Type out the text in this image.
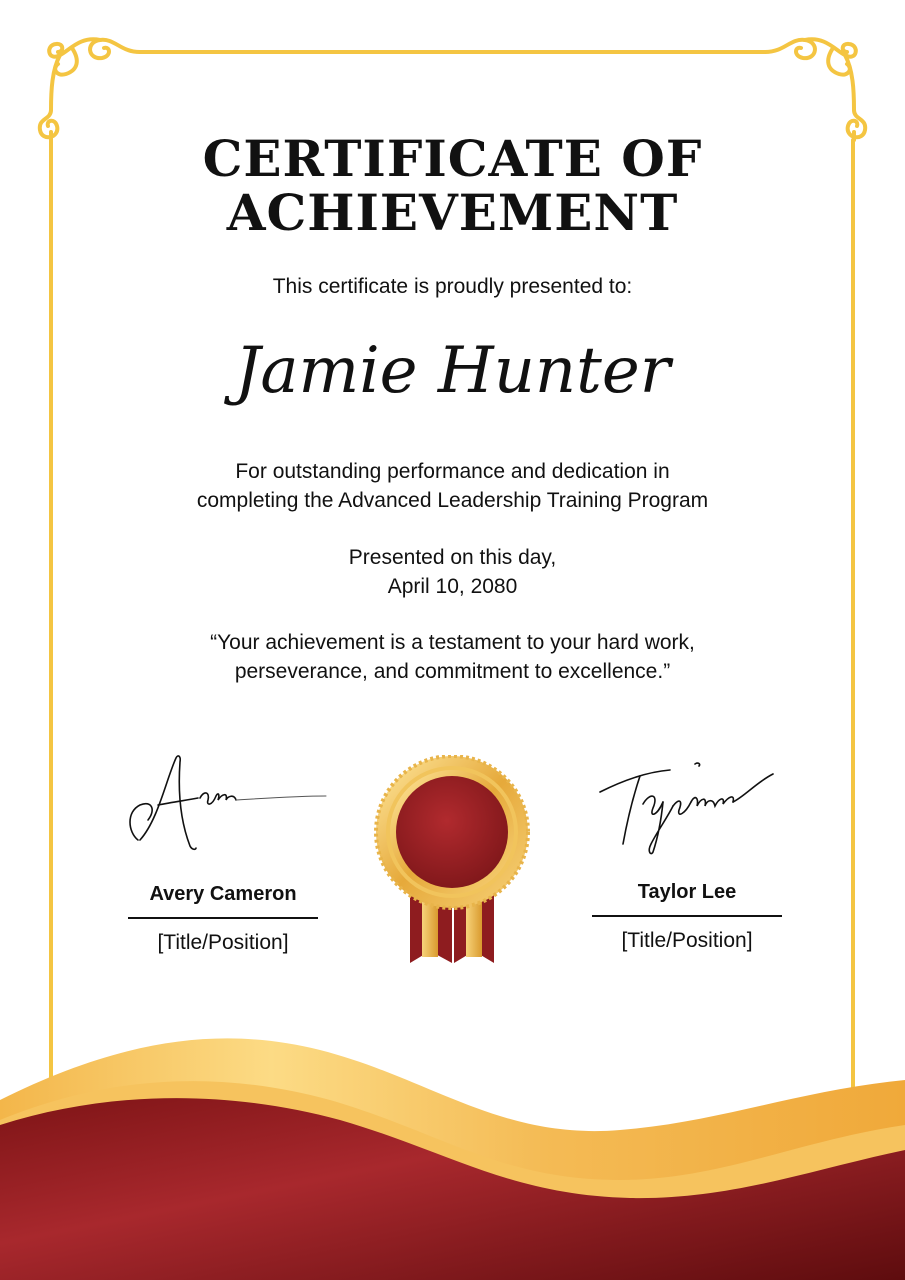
CERTIFICATE OF
ACHIEVEMENT
This certificate is proudly presented to:
Jamie Hunter
For outstanding performance and dedication in
completing the Advanced Leadership Training Program
Presented on this day,
April 10, 2080
“Your achievement is a testament to your hard work,
perseverance, and commitment to excellence.”
Avery Cameron
[Title/Position]
Taylor Lee
[Title/Position]
